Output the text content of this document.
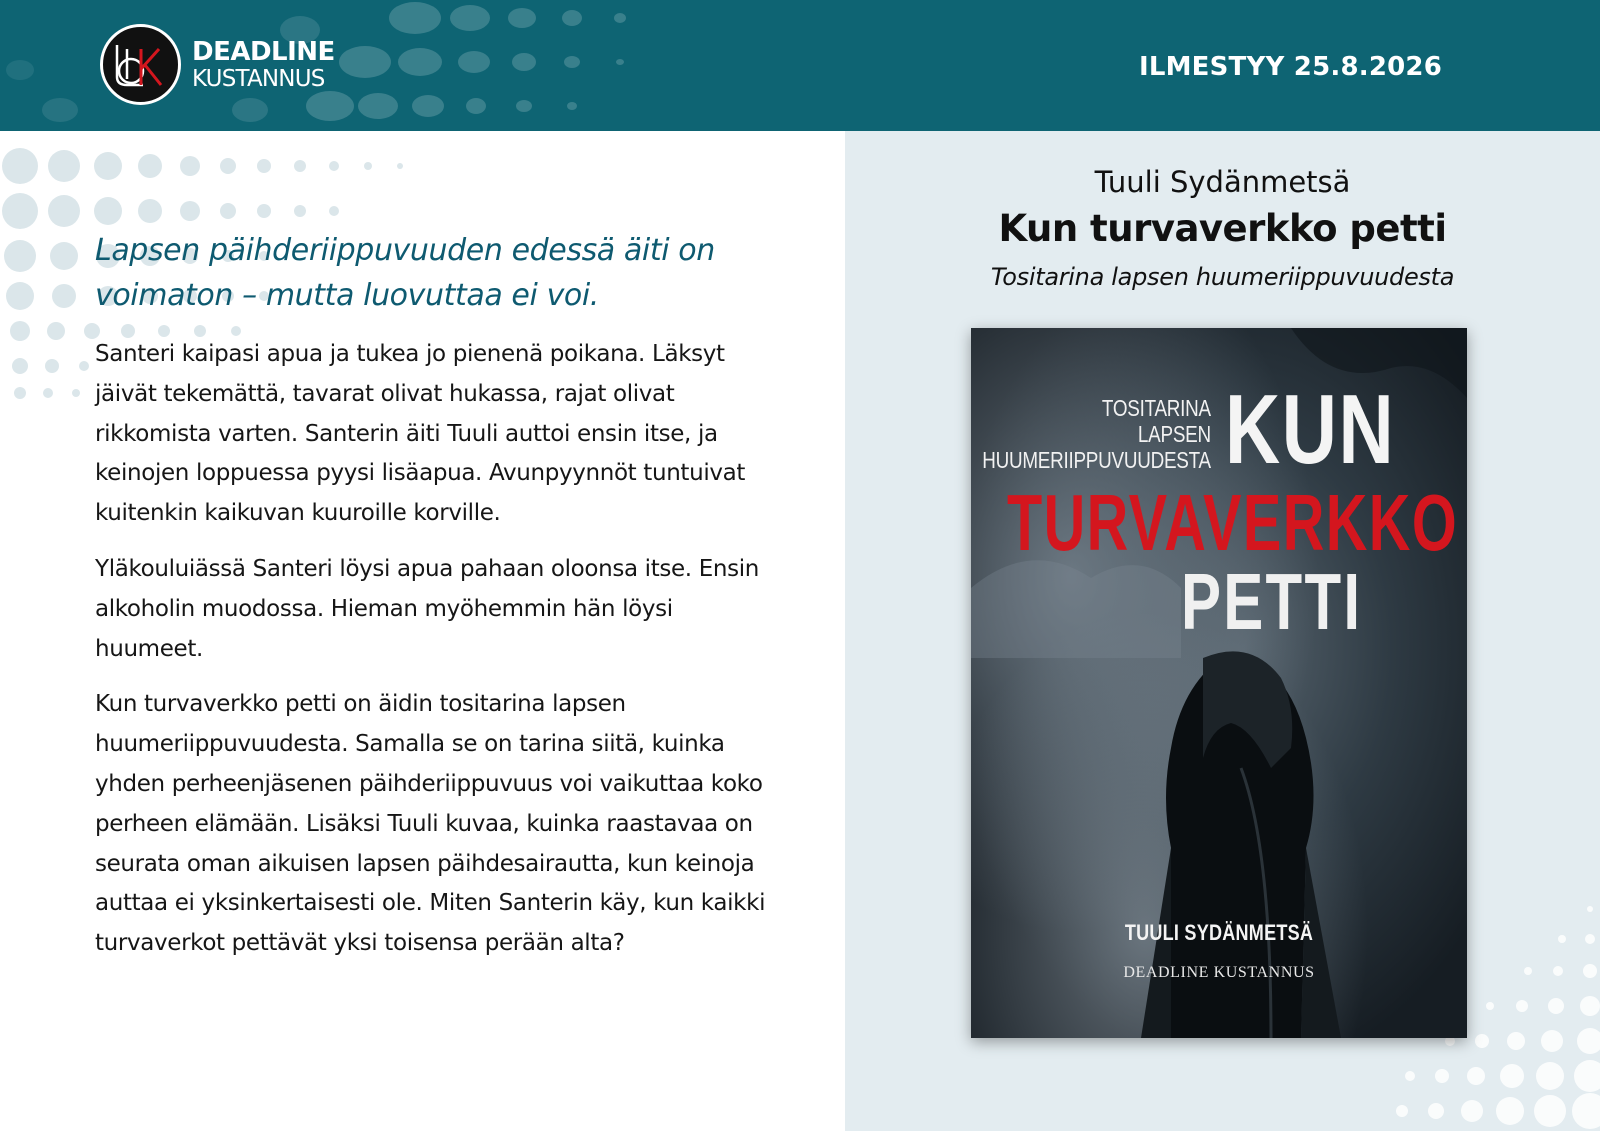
DEADLINE
KUSTANNUS	ILMESTYY 25.8.2026
Lapsen päihderiippuvuuden edessä äiti on voimaton – mutta luovuttaa ei voi.

Santeri kaipasi apua ja tukea jo pienenä poikana. Läksyt jäivät tekemättä, tavarat olivat hukassa, rajat olivat rikkomista varten. Santerin äiti Tuuli auttoi ensin itse, ja keinojen loppuessa pyysi lisäapua. Avunpyynnöt tuntuivat kuitenkin kaikuvan kuuroille korville.

Yläkouluiässä Santeri löysi apua pahaan oloonsa itse. Ensin alkoholin muodossa. Hieman myöhemmin hän löysi huumeet.

Kun turvaverkko petti on äidin tositarina lapsen huumeriippuvuudesta. Samalla se on tarina siitä, kuinka yhden perheenjäsenen päihderiippuvuus voi vaikuttaa koko perheen elämään. Lisäksi Tuuli kuvaa, kuinka raastavaa on seurata oman aikuisen lapsen päihdesairautta, kun keinoja auttaa ei yksinkertaisesti ole. Miten Santerin käy, kun kaikki turvaverkot pettävät yksi toisensa perään alta?

Tuuli Sydänmetsä
Kun turvaverkko petti
Tositarina lapsen huumeriippuvuudesta
TOSITARINA
LAPSEN
HUUMERIIPPUVUUDESTA KUN
TURVAVERKKO
PETTI
TUULI SYDÄNMETSÄ
DEADLINE KUSTANNUS
